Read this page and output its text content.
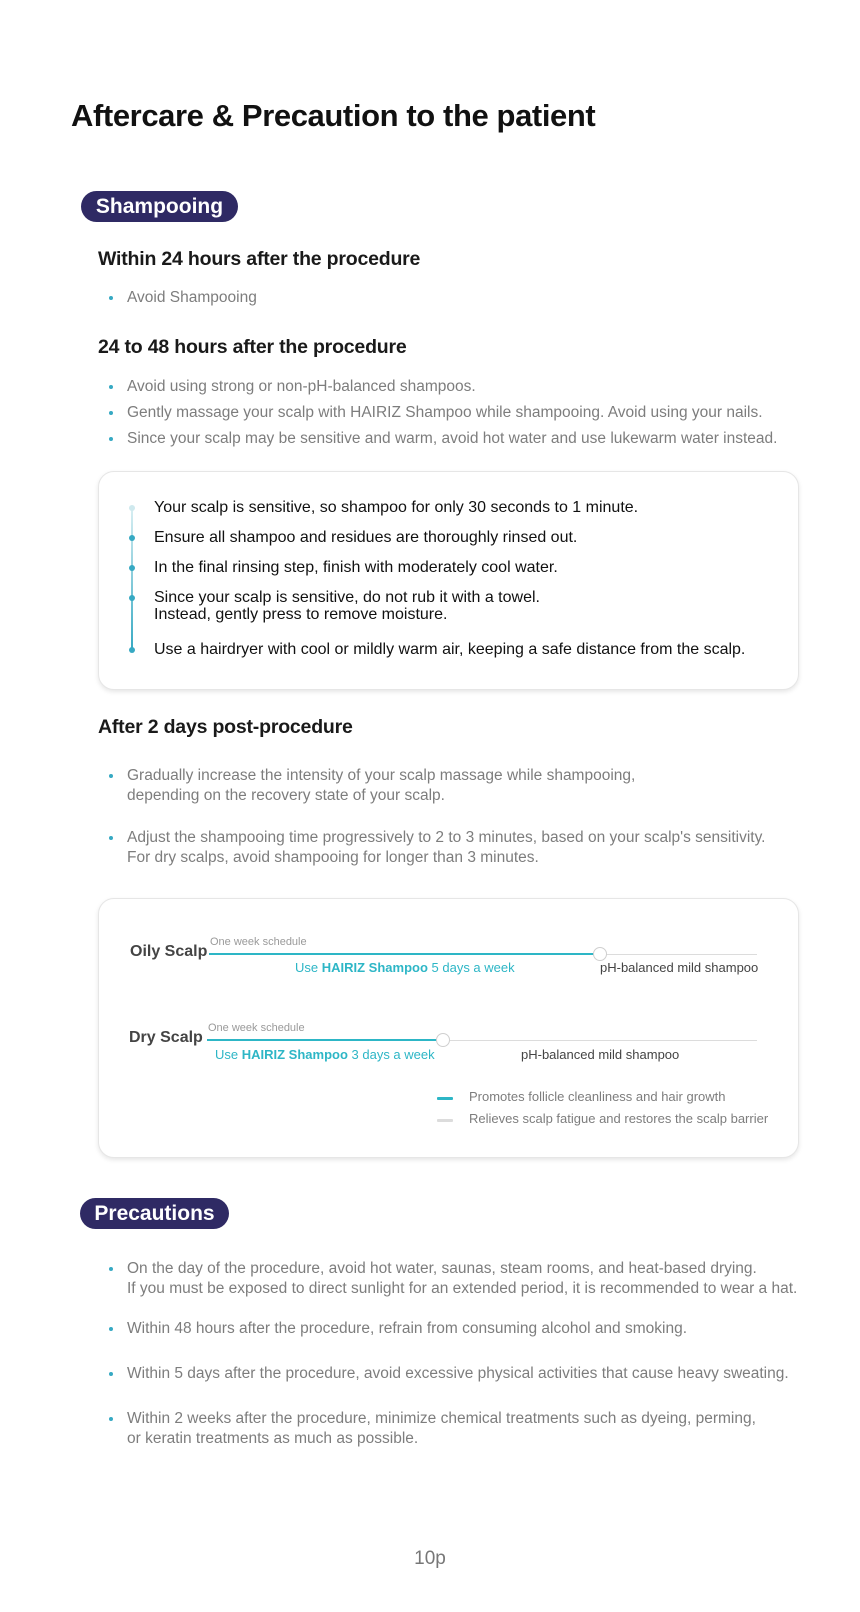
Aftercare & Precaution to the patient
Shampooing
Within 24 hours after the procedure
Avoid Shampooing
24 to 48 hours after the procedure
Avoid using strong or non-pH-balanced shampoos.
Gently massage your scalp with HAIRIZ Shampoo while shampooing. Avoid using your nails.
Since your scalp may be sensitive and warm, avoid hot water and use lukewarm water instead.
Your scalp is sensitive, so shampoo for only 30 seconds to 1 minute.
Ensure all shampoo and residues are thoroughly rinsed out.
In the final rinsing step, finish with moderately cool water.
Since your scalp is sensitive, do not rub it with a towel.
Instead, gently press to remove moisture.
Use a hairdryer with cool or mildly warm air, keeping a safe distance from the scalp.
After 2 days post-procedure
Gradually increase the intensity of your scalp massage while shampooing,
depending on the recovery state of your scalp.
Adjust the shampooing time progressively to 2 to 3 minutes, based on your scalp's sensitivity.
For dry scalps, avoid shampooing for longer than 3 minutes.
Oily Scalp
One week schedule
Use HAIRIZ Shampoo 5 days a week	pH-balanced mild shampoo
Dry Scalp
One week schedule
Use HAIRIZ Shampoo 3 days a week	pH-balanced mild shampoo
Promotes follicle cleanliness and hair growth
Relieves scalp fatigue and restores the scalp barrier
Precautions
On the day of the procedure, avoid hot water, saunas, steam rooms, and heat-based drying.
If you must be exposed to direct sunlight for an extended period, it is recommended to wear a hat.
Within 48 hours after the procedure, refrain from consuming alcohol and smoking.
Within 5 days after the procedure, avoid excessive physical activities that cause heavy sweating.
Within 2 weeks after the procedure, minimize chemical treatments such as dyeing, perming,
or keratin treatments as much as possible.
10p
